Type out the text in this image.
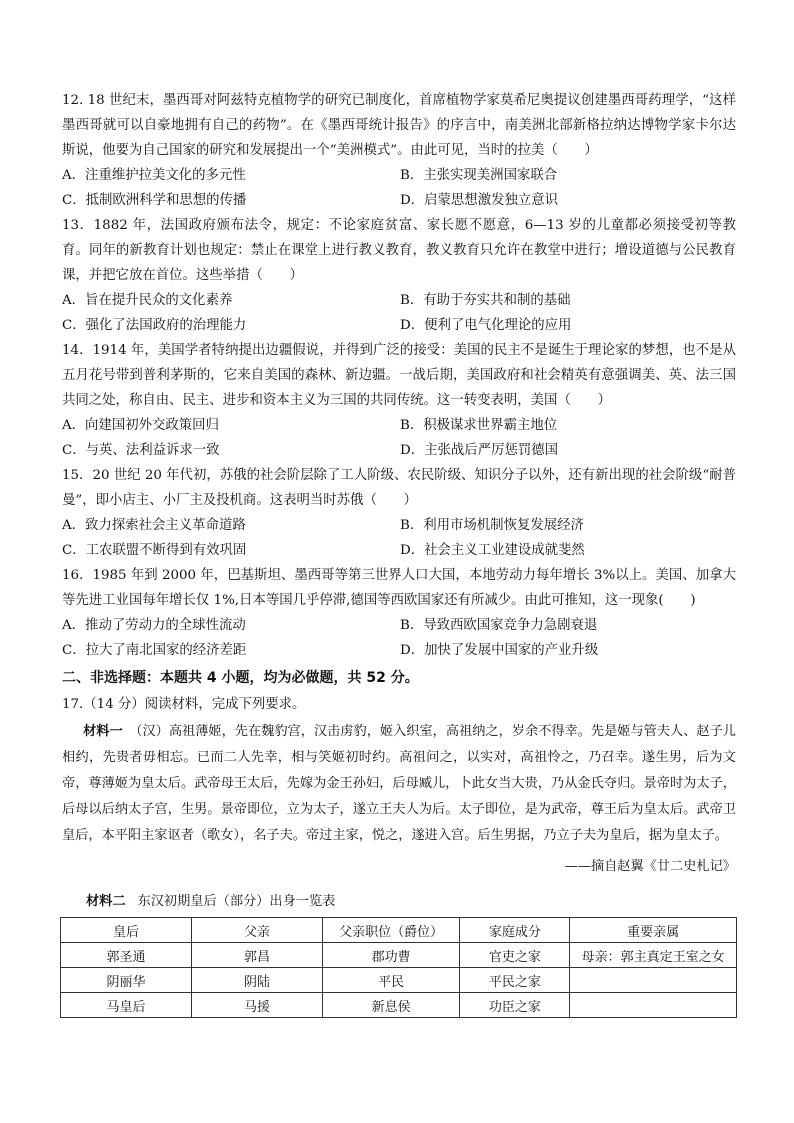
12. 18 世纪末，墨西哥对阿兹特克植物学的研究已制度化，首席植物学家莫希尼奥提议创建墨西哥药理学，“这样墨西哥就可以自豪地拥有自己的药物”。在《墨西哥统计报告》的序言中，南美洲北部新格拉纳达博物学家卡尔达斯说，他要为自己国家的研究和发展提出一个“美洲模式”。由此可见，当时的拉美（　　）

A．注重维护拉美文化的多元性	B．主张实现美洲国家联合
C．抵制欧洲科学和思想的传播	D．启蒙思想激发独立意识

13．1882 年，法国政府颁布法令，规定：不论家庭贫富、家长愿不愿意，6—13 岁的儿童都必须接受初等教育。同年的新教育计划也规定：禁止在课堂上进行教义教育，教义教育只允许在教堂中进行；增设道德与公民教育课，并把它放在首位。这些举措（　　）

A．旨在提升民众的文化素养	B．有助于夯实共和制的基础
C．强化了法国政府的治理能力	D．便利了电气化理论的应用

14．1914 年，美国学者特纳提出边疆假说，并得到广泛的接受：美国的民主不是诞生于理论家的梦想，也不是从五月花号带到普利茅斯的，它来自美国的森林、新边疆。一战后期，美国政府和社会精英有意强调美、英、法三国共同之处，称自由、民主、进步和资本主义为三国的共同传统。这一转变表明，美国（　　）

A．向建国初外交政策回归	B．积极谋求世界霸主地位
C．与英、法利益诉求一致	D．主张战后严厉惩罚德国

15．20 世纪 20 年代初，苏俄的社会阶层除了工人阶级、农民阶级、知识分子以外，还有新出现的社会阶级“耐普曼”，即小店主、小厂主及投机商。这表明当时苏俄（　　）

A．致力探索社会主义革命道路	B．利用市场机制恢复发展经济
C．工农联盟不断得到有效巩固	D．社会主义工业建设成就斐然

16．1985 年到 2000 年，巴基斯坦、墨西哥等第三世界人口大国，本地劳动力每年增长 3%以上。美国、加拿大等先进工业国每年增长仅 1%,日本等国几乎停滞,德国等西欧国家还有所减少。由此可推知，这一现象(　　)

A．推动了劳动力的全球性流动	B．导致西欧国家竞争力急剧衰退
C．拉大了南北国家的经济差距	D．加快了发展中国家的产业升级
二、非选择题：本题共 4 小题，均为必做题，共 52 分。

17.（14 分）阅读材料，完成下列要求。

材料一　（汉）高祖薄姬，先在魏豹宫，汉击虏豹，姬入织室，高祖纳之，岁余不得幸。先是姬与管夫人、赵子儿相约，先贵者毋相忘。已而二人先幸，相与笑姬初时约。高祖问之，以实对，高祖怜之，乃召幸。遂生男，后为文帝，尊薄姬为皇太后。武帝母王太后，先嫁为金王孙妇，后母臧儿，卜此女当大贵，乃从金氏夺归。景帝时为太子，后母以后纳太子宫，生男。景帝即位，立为太子，遂立王夫人为后。太子即位，是为武帝，尊王后为皇太后。武帝卫皇后，本平阳主家讴者（歌女），名子夫。帝过主家，悦之，遂进入宫。后生男据，乃立子夫为皇后，据为皇太子。

——摘自赵翼《廿二史札记》
材料二 东汉初期皇后（部分）出身一览表
皇后	父亲	父亲职位（爵位）	家庭成分	重要亲属
郭圣通	郭昌	郡功曹	官吏之家	母亲：郭主真定王室之女
阴丽华	阴陆	平民	平民之家	
马皇后	马援	新息侯	功臣之家	
